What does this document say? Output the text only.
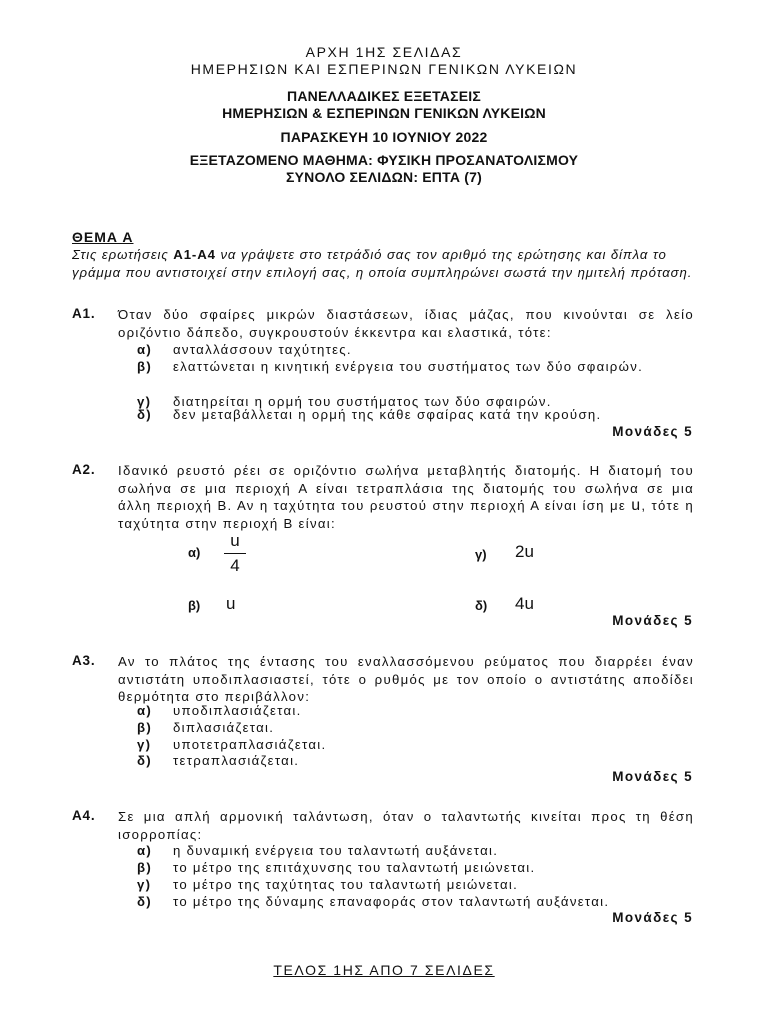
ΑΡΧΗ 1ΗΣ ΣΕΛΙΔΑΣ
ΗΜΕΡΗΣΙΩΝ ΚΑΙ ΕΣΠΕΡΙΝΩΝ ΓΕΝΙΚΩΝ ΛΥΚΕΙΩΝ
ΠΑΝΕΛΛΑΔΙΚΕΣ ΕΞΕΤΑΣΕΙΣ
ΗΜΕΡΗΣΙΩΝ & ΕΣΠΕΡΙΝΩΝ ΓΕΝΙΚΩΝ ΛΥΚΕΙΩΝ
ΠΑΡΑΣΚΕΥΗ 10 ΙΟΥΝΙΟΥ 2022
ΕΞΕΤΑΖΟΜΕΝΟ ΜΑΘΗΜΑ: ΦΥΣΙΚΗ ΠΡΟΣΑΝΑΤΟΛΙΣΜΟΥ
ΣΥΝΟΛΟ ΣΕΛΙΔΩΝ: ΕΠΤΑ (7)
ΘΕΜΑ Α
Στις ερωτήσεις Α1-Α4 να γράψετε στο τετράδιό σας τον αριθμό της ερώτησης και δίπλα το γράμμα που αντιστοιχεί στην επιλογή σας, η οποία συμπληρώνει σωστά την ημιτελή πρόταση.
Α1. Όταν δύο σφαίρες μικρών διαστάσεων, ίδιας μάζας, που κινούνται σε λείο οριζόντιο δάπεδο, συγκρουστούν έκκεντρα και ελαστικά, τότε:
α) ανταλλάσσουν ταχύτητες.
β) ελαττώνεται η κινητική ενέργεια του συστήματος των δύο σφαιρών.
γ) διατηρείται η ορμή του συστήματος των δύο σφαιρών.
δ) δεν μεταβάλλεται η ορμή της κάθε σφαίρας κατά την κρούση.
Μονάδες 5
Α2. Ιδανικό ρευστό ρέει σε οριζόντιο σωλήνα μεταβλητής διατομής. Η διατομή του σωλήνα σε μια περιοχή Α είναι τετραπλάσια της διατομής του σωλήνα σε μια άλλη περιοχή Β. Αν η ταχύτητα του ρευστού στην περιοχή Α είναι ίση με u, τότε η ταχύτητα στην περιοχή Β είναι:
α)
u
4
γ) 2u
β) u	δ) 4u
Μονάδες 5
Α3. Αν το πλάτος της έντασης του εναλλασσόμενου ρεύματος που διαρρέει έναν αντιστάτη υποδιπλασιαστεί, τότε ο ρυθμός με τον οποίο ο αντιστάτης αποδίδει θερμότητα στο περιβάλλον:
α) υποδιπλασιάζεται.
β) διπλασιάζεται.
γ) υποτετραπλασιάζεται.
δ) τετραπλασιάζεται.
Μονάδες 5
Α4. Σε μια απλή αρμονική ταλάντωση, όταν ο ταλαντωτής κινείται προς τη θέση ισορροπίας:
α) η δυναμική ενέργεια του ταλαντωτή αυξάνεται.
β) το μέτρο της επιτάχυνσης του ταλαντωτή μειώνεται.
γ) το μέτρο της ταχύτητας του ταλαντωτή μειώνεται.
δ) το μέτρο της δύναμης επαναφοράς στον ταλαντωτή αυξάνεται.
Μονάδες 5
ΤΕΛΟΣ 1ΗΣ ΑΠΟ 7 ΣΕΛΙΔΕΣ
